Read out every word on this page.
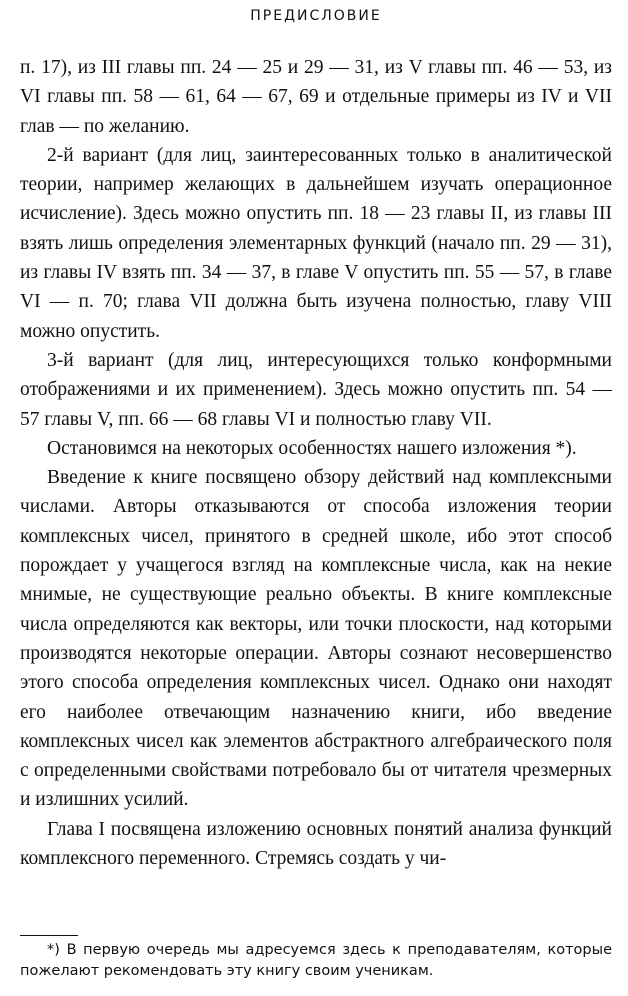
ПРЕДИСЛОВИЕ

п. 17), из III главы пп. 24 — 25 и 29 — 31, из V главы пп. 46 — 53, из VI главы пп. 58 — 61, 64 — 67, 69 и отдельные примеры из IV и VII глав — по желанию.

2-й вариант (для лиц, заинтересованных только в аналитической теории, например желающих в дальнейшем изучать операционное исчисление). Здесь можно опустить пп. 18 — 23 главы II, из главы III взять лишь определения элементарных функций (начало пп. 29 — 31), из главы IV взять пп. 34 — 37, в главе V опустить пп. 55 — 57, в главе VI — п. 70; глава VII должна быть изучена полностью, главу VIII можно опустить.

3-й вариант (для лиц, интересующихся только конформными отображениями и их применением). Здесь можно опустить пп. 54 — 57 главы V, пп. 66 — 68 главы VI и полностью главу VII.

Остановимся на некоторых особенностях нашего изложения *).

Введение к книге посвящено обзору действий над комплексными числами. Авторы отказываются от способа изложения теории комплексных чисел, принятого в средней школе, ибо этот способ порождает у учащегося взгляд на комплексные числа, как на некие мнимые, не существующие реально объекты. В книге комплексные числа определяются как векторы, или точки плоскости, над которыми производятся некоторые операции. Авторы сознают несовершенство этого способа определения комплексных чисел. Однако они находят его наиболее отвечающим назначению книги, ибо введение комплексных чисел как элементов абстрактного алгебраического поля с определенными свойствами потребовало бы от читателя чрезмерных и излишних усилий.

Глава I посвящена изложению основных понятий анализа функций комплексного переменного. Стремясь создать у чи-

*) В первую очередь мы адресуемся здесь к преподавателям, которые пожелают рекомендовать эту книгу своим ученикам.
